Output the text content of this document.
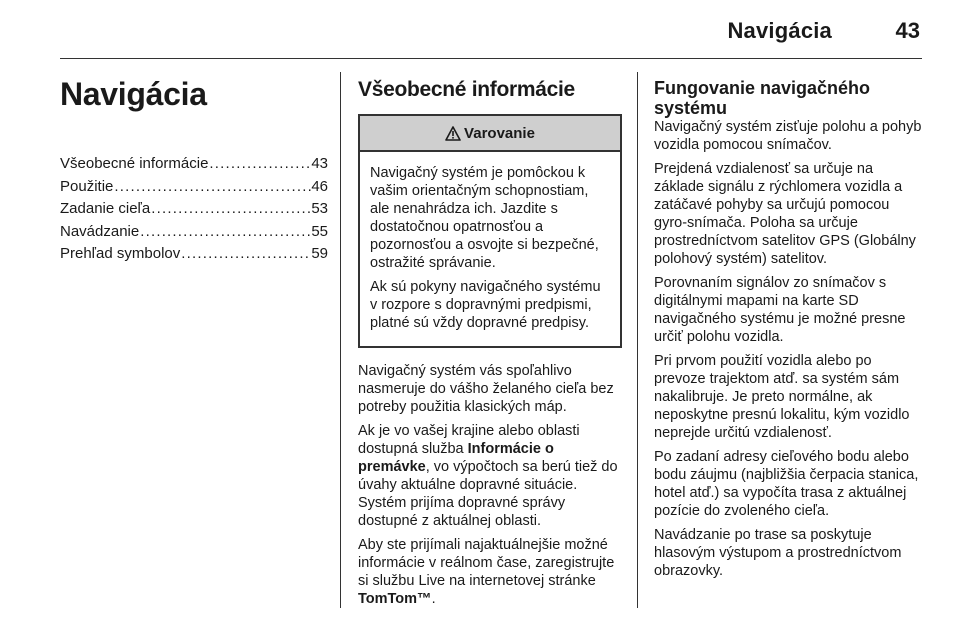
Navigácia	43
Navigácia
Všeobecné informácie .....	43
Použitie .....	46
Zadanie cieľa .....	53
Navádzanie .....	55
Prehľad symbolov .....	59
Všeobecné informácie
Varovanie

Navigačný systém je pomôckou k vašim orientačným schopnostiam, ale nenahrádza ich. Jazdite s dostatočnou opatrnosťou a pozornosťou a osvojte si bezpečné, ostražité správanie.

Ak sú pokyny navigačného systému v rozpore s dopravnými predpismi, platné sú vždy dopravné predpisy.

Navigačný systém vás spoľahlivo nasmeruje do vášho želaného cieľa bez potreby použitia klasických máp.

Ak je vo vašej krajine alebo oblasti dostupná služba Informácie o premávke, vo výpočtoch sa berú tiež do úvahy aktuálne dopravné situácie. Systém prijíma dopravné správy dostupné z aktuálnej oblasti.

Aby ste prijímali najaktuálnejšie možné informácie v reálnom čase, zaregistrujte si službu Live na internetovej stránke TomTom™.

Fungovanie navigačného systému

Navigačný systém zisťuje polohu a pohyb vozidla pomocou snímačov.

Prejdená vzdialenosť sa určuje na základe signálu z rýchlomera vozidla a zatáčavé pohyby sa určujú pomocou gyro-snímača. Poloha sa určuje prostredníctvom satelitov GPS (Globálny polohový systém) satelitov.

Porovnaním signálov zo snímačov s digitálnymi mapami na karte SD navigačného systému je možné presne určiť polohu vozidla.

Pri prvom použití vozidla alebo po prevoze trajektom atď. sa systém sám nakalibruje. Je preto normálne, ak neposkytne presnú lokalitu, kým vozidlo neprejde určitú vzdialenosť.

Po zadaní adresy cieľového bodu alebo bodu záujmu (najbližšia čerpacia stanica, hotel atď.) sa vypočíta trasa z aktuálnej pozície do zvoleného cieľa.

Navádzanie po trase sa poskytuje hlasovým výstupom a prostredníctvom obrazovky.
